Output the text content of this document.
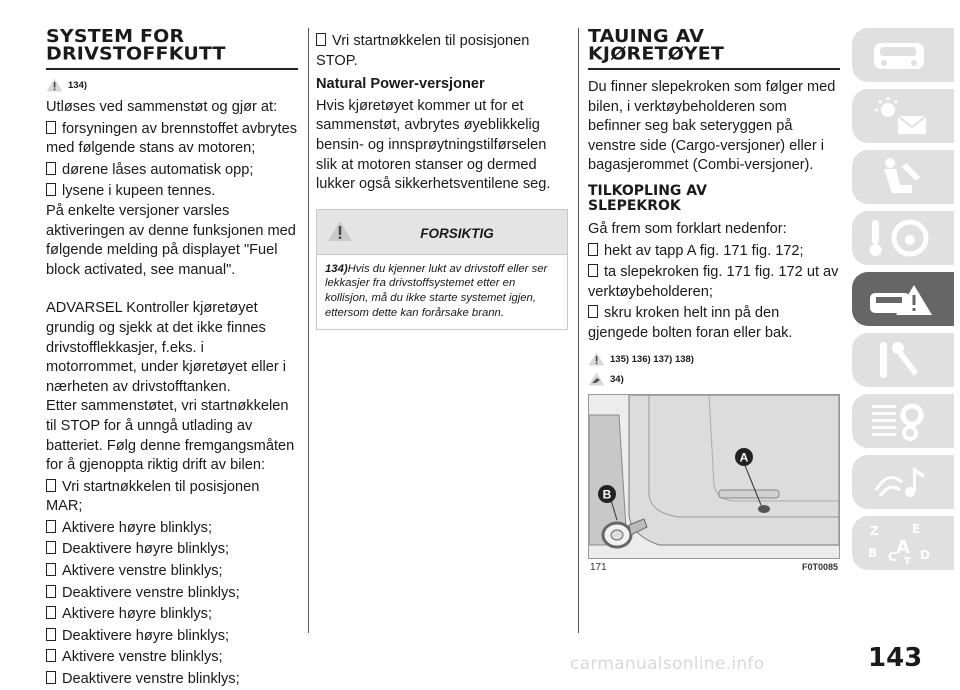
SYSTEM FOR
DRIVSTOFFKUTT
134)

Utløses ved sammenstøt og gjør at:

forsyningen av brennstoffet avbrytes med følgende stans av motoren;
dørene låses automatisk opp;
lysene i kupeen tennes.

På enkelte versjoner varsles aktiveringen av denne funksjonen med følgende melding på displayet "Fuel block activated, see manual".

ADVARSEL Kontroller kjøretøyet grundig og sjekk at det ikke finnes drivstofflekkasjer, f.eks. i motorrommet, under kjøretøyet eller i nærheten av drivstofftanken.

Etter sammenstøtet, vri startnøkkelen til STOP for å unngå utlading av batteriet. Følg denne fremgangsmåten for å gjenoppta riktig drift av bilen:

Vri startnøkkelen til posisjonen MAR;
Aktivere høyre blinklys;
Deaktivere høyre blinklys;
Aktivere venstre blinklys;
Deaktivere venstre blinklys;
Aktivere høyre blinklys;
Deaktivere høyre blinklys;
Aktivere venstre blinklys;
Deaktivere venstre blinklys;
Vri startnøkkelen til posisjonen STOP.
Natural Power-versjoner

Hvis kjøretøyet kommer ut for et sammenstøt, avbrytes øyeblikkelig bensin- og innsprøytningstilførselen slik at motoren stanser og dermed lukker også sikkerhetsventilene seg.

FORSIKTIG
134)Hvis du kjenner lukt av drivstoff eller ser lekkasjer fra drivstoffsystemet etter en kollisjon, må du ikke starte systemet igjen, ettersom dette kan forårsake brann.
TAUING AV
KJØRETØYET

Du finner slepekroken som følger med bilen, i verktøybeholderen som befinner seg bak seteryggen på venstre side (Cargo-versjoner) eller i bagasjerommet (Combi-versjoner).

TILKOPLING AV
SLEPEKROK

Gå frem som forklart nedenfor:

hekt av tapp A fig. 171 fig. 172;
ta slepekroken fig. 171 fig. 172 ut av verktøybeholderen;
skru kroken helt inn på den gjengede bolten foran eller bak.
135) 136) 137) 138)
34)
A
B
171	F0T0085
Z	E
B C A D
T
143
carmanualsonline.info
